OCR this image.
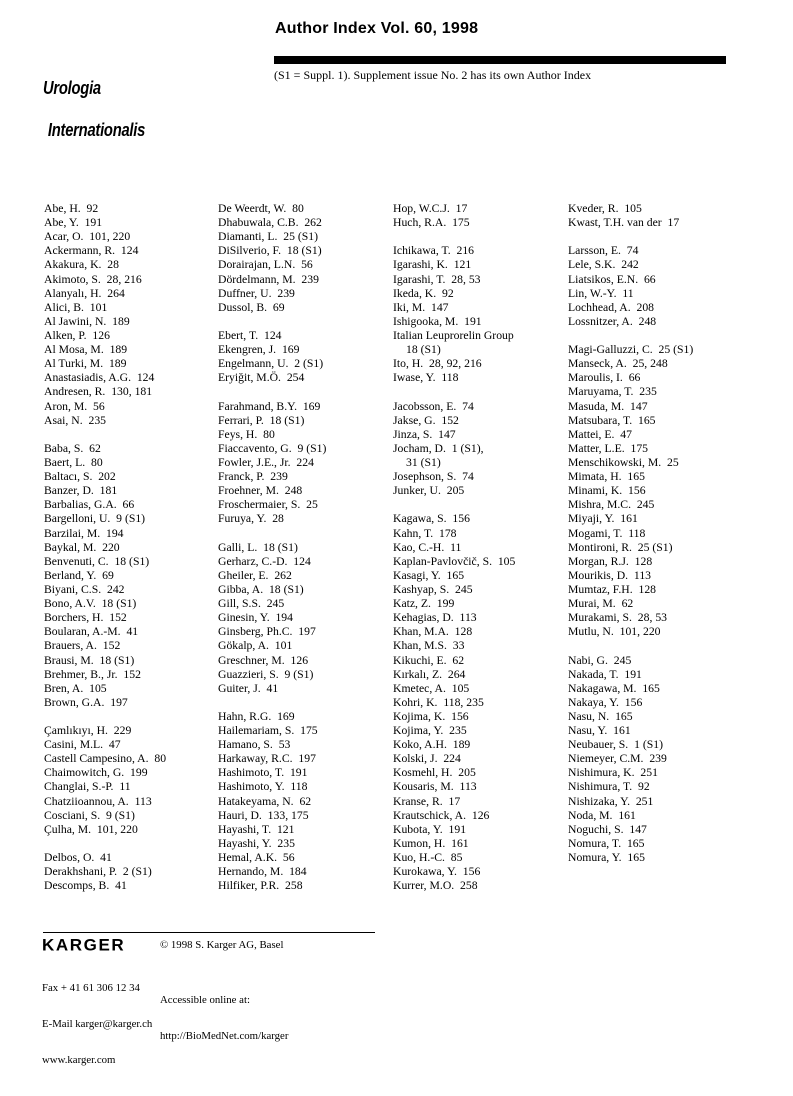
Author Index Vol. 60, 1998

Urologia

Internationalis

(S1 = Suppl. 1). Supplement issue No. 2 has its own Author Index
Abe, H.  92
Abe, Y.  191
Acar, O.  101, 220
Ackermann, R.  124
Akakura, K.  28
Akimoto, S.  28, 216
Alanyalı, H.  264
Alici, B.  101
Al Jawini, N.  189
Alken, P.  126
Al Mosa, M.  189
Al Turki, M.  189
Anastasiadis, A.G.  124
Andresen, R.  130, 181
Aron, M.  56
Asai, N.  235
Baba, S.  62
Baert, L.  80
Baltacı, S.  202
Banzer, D.  181
Barbalias, G.A.  66
Bargelloni, U.  9 (S1)
Barzilai, M.  194
Baykal, M.  220
Benvenuti, C.  18 (S1)
Berland, Y.  69
Biyani, C.S.  242
Bono, A.V.  18 (S1)
Borchers, H.  152
Boularan, A.-M.  41
Brauers, A.  152
Brausi, M.  18 (S1)
Brehmer, B., Jr.  152
Bren, A.  105
Brown, G.A.  197
Çamlıkıyı, H.  229
Casini, M.L.  47
Castell Campesino, A.  80
Chaimowitch, G.  199
Changlai, S.-P.  11
Chatziioannou, A.  113
Cosciani, S.  9 (S1)
Çulha, M.  101, 220
Delbos, O.  41
Derakhshani, P.  2 (S1)
Descomps, B.  41
De Weerdt, W.  80
Dhabuwala, C.B.  262
Diamanti, L.  25 (S1)
DiSilverio, F.  18 (S1)
Dorairajan, L.N.  56
Dördelmann, M.  239
Duffner, U.  239
Dussol, B.  69
Ebert, T.  124
Ekengren, J.  169
Engelmann, U.  2 (S1)
Eryiğit, M.Ö.  254
Farahmand, B.Y.  169
Ferrari, P.  18 (S1)
Feys, H.  80
Fiaccavento, G.  9 (S1)
Fowler, J.E., Jr.  224
Franck, P.  239
Froehner, M.  248
Froschermaier, S.  25
Furuya, Y.  28
Galli, L.  18 (S1)
Gerharz, C.-D.  124
Gheiler, E.  262
Gibba, A.  18 (S1)
Gill, S.S.  245
Ginesin, Y.  194
Ginsberg, Ph.C.  197
Gökalp, A.  101
Greschner, M.  126
Guazzieri, S.  9 (S1)
Guiter, J.  41
Hahn, R.G.  169
Hailemariam, S.  175
Hamano, S.  53
Harkaway, R.C.  197
Hashimoto, T.  191
Hashimoto, Y.  118
Hatakeyama, N.  62
Hauri, D.  133, 175
Hayashi, T.  121
Hayashi, Y.  235
Hemal, A.K.  56
Hernando, M.  184
Hilfiker, P.R.  258
Hop, W.C.J.  17
Huch, R.A.  175
Ichikawa, T.  216
Igarashi, K.  121
Igarashi, T.  28, 53
Ikeda, K.  92
Iki, M.  147
Ishigooka, M.  191
Italian Leuprorelin Group
18 (S1)
Ito, H.  28, 92, 216
Iwase, Y.  118
Jacobsson, E.  74
Jakse, G.  152
Jinza, S.  147
Jocham, D.  1 (S1),
31 (S1)
Josephson, S.  74
Junker, U.  205
Kagawa, S.  156
Kahn, T.  178
Kao, C.-H.  11
Kaplan-Pavlovčič, S.  105
Kasagi, Y.  165
Kashyap, S.  245
Katz, Z.  199
Kehagias, D.  113
Khan, M.A.  128
Khan, M.S.  33
Kikuchi, E.  62
Kırkalı, Z.  264
Kmetec, A.  105
Kohri, K.  118, 235
Kojima, K.  156
Kojima, Y.  235
Koko, A.H.  189
Kolski, J.  224
Kosmehl, H.  205
Kousaris, M.  113
Kranse, R.  17
Krautschick, A.  126
Kubota, Y.  191
Kumon, H.  161
Kuo, H.-C.  85
Kurokawa, Y.  156
Kurrer, M.O.  258
Kveder, R.  105
Kwast, T.H. van der  17
Larsson, E.  74
Lele, S.K.  242
Liatsikos, E.N.  66
Lin, W.-Y.  11
Lochhead, A.  208
Lossnitzer, A.  248
Magi-Galluzzi, C.  25 (S1)
Manseck, A.  25, 248
Maroulis, I.  66
Maruyama, T.  235
Masuda, M.  147
Matsubara, T.  165
Mattei, E.  47
Matter, L.E.  175
Menschikowski, M.  25
Mimata, H.  165
Minami, K.  156
Mishra, M.C.  245
Miyaji, Y.  161
Mogami, T.  118
Montironi, R.  25 (S1)
Morgan, R.J.  128
Mourikis, D.  113
Mumtaz, F.H.  128
Murai, M.  62
Murakami, S.  28, 53
Mutlu, N.  101, 220
Nabi, G.  245
Nakada, T.  191
Nakagawa, M.  165
Nakaya, Y.  156
Nasu, N.  165
Nasu, Y.  161
Neubauer, S.  1 (S1)
Niemeyer, C.M.  239
Nishimura, K.  251
Nishimura, T.  92
Nishizaka, Y.  251
Noda, M.  161
Noguchi, S.  147
Nomura, T.  165
Nomura, Y.  165
KARGER

Fax + 41 61 306 12 34

E-Mail karger@karger.ch

www.karger.com

© 1998 S. Karger AG, Basel

Accessible online at:

http://BioMedNet.com/karger
